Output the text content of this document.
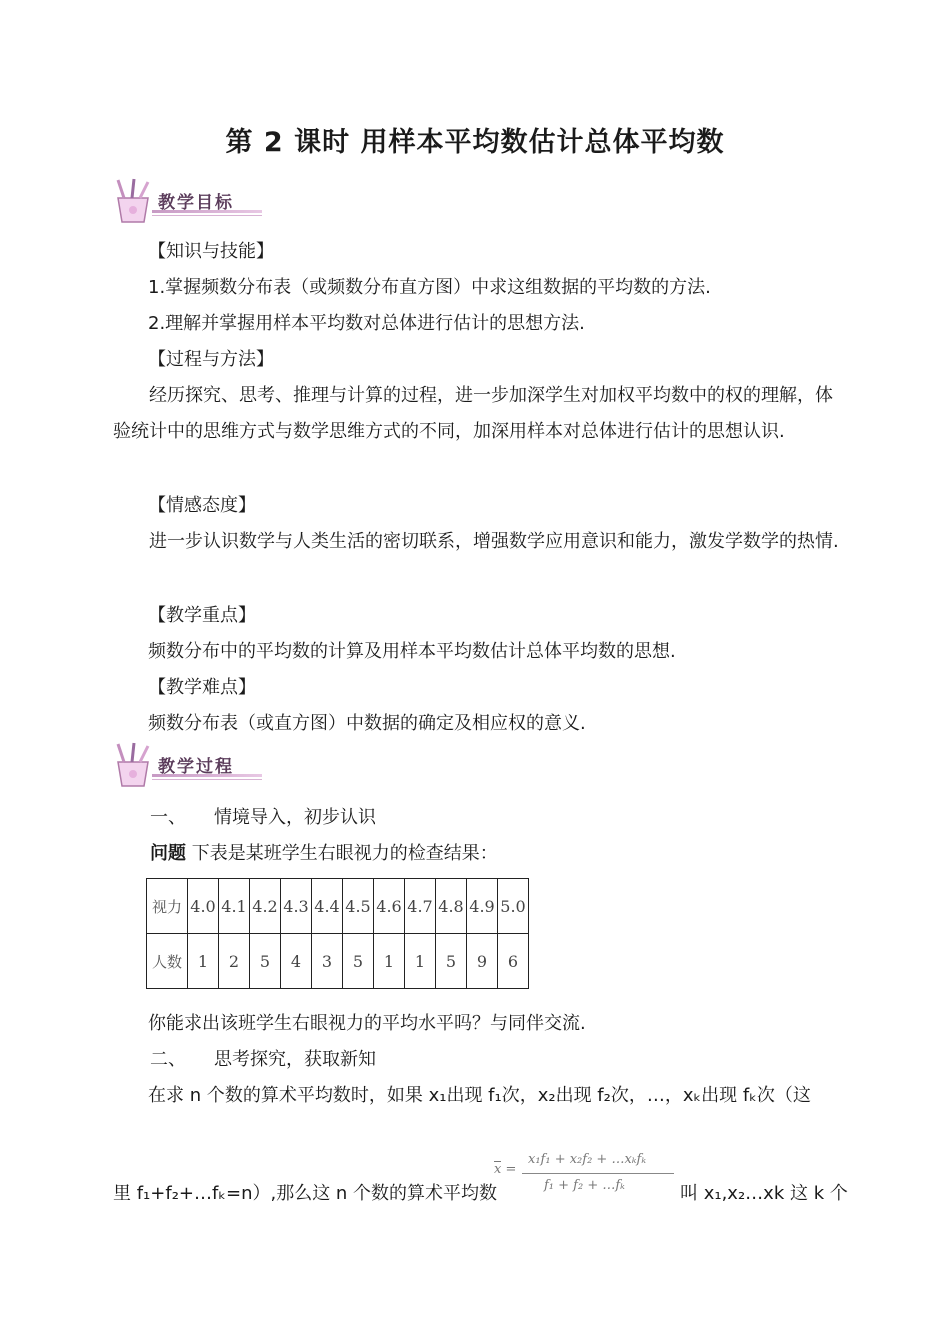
第 2 课时 用样本平均数估计总体平均数
教学目标
【知识与技能】
1.掌握频数分布表（或频数分布直方图）中求这组数据的平均数的方法.
2.理解并掌握用样本平均数对总体进行估计的思想方法.
【过程与方法】
经历探究、思考、推理与计算的过程，进一步加深学生对加权平均数中的权的理解，体验统计中的思维方式与数学思维方式的不同，加深用样本对总体进行估计的思想认识.
【情感态度】
进一步认识数学与人类生活的密切联系，增强数学应用意识和能力，激发学数学的热情.
【教学重点】
频数分布中的平均数的计算及用样本平均数估计总体平均数的思想.
【教学难点】
频数分布表（或直方图）中数据的确定及相应权的意义.
教学过程
一、 情境导入，初步认识
问题 下表是某班学生右眼视力的检查结果：
视力	4.0	4.1	4.2	4.3	4.4	4.5	4.6	4.7	4.8	4.9	5.0
人数	1	2	5	4	3	5	1	1	5	9	6
你能求出该班学生右眼视力的平均水平吗？与同伴交流.
二、 思考探究，获取新知
在求 n 个数的算术平均数时，如果 x₁出现 f₁次，x₂出现 f₂次，…，xₖ出现 fₖ次（这
x =
x₁f₁ + x₂f₂ + …xₖfₖ
f₁ + f₂ + …fₖ
里 f₁+f₂+…fₖ=n）,那么这 n 个数的算术平均数	叫 x₁,x₂…xk 这 k 个
